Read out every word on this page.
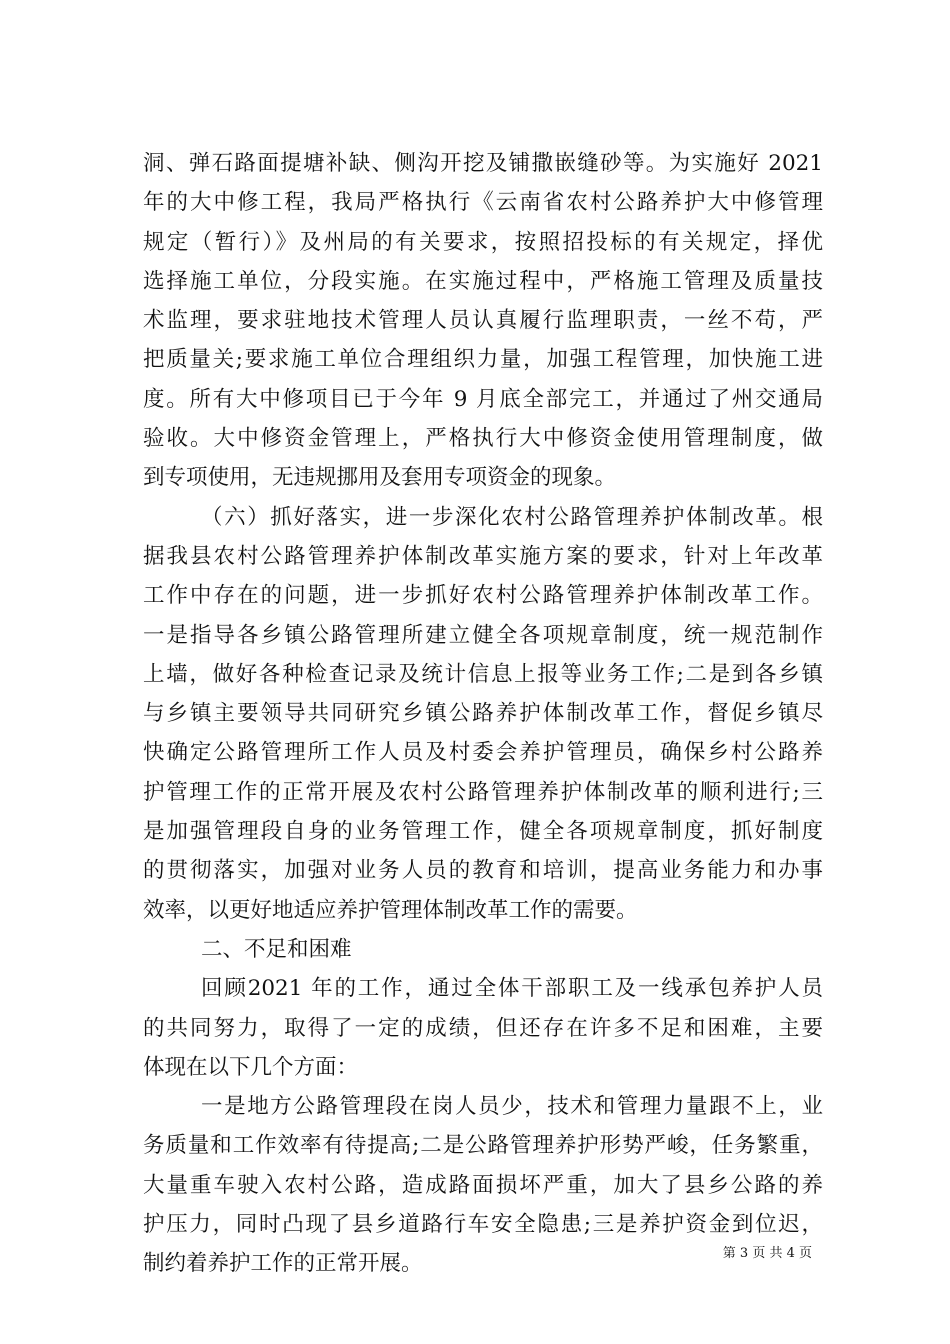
洞、弹石路面提塘补缺、侧沟开挖及铺撒嵌缝砂等。为实施好 2021
年的大中修工程，我局严格执行《云南省农村公路养护大中修管理
规定（暂行）》及州局的有关要求，按照招投标的有关规定，择优
选择施工单位，分段实施。在实施过程中，严格施工管理及质量技
术监理，要求驻地技术管理人员认真履行监理职责，一丝不苟，严
把质量关;要求施工单位合理组织力量，加强工程管理，加快施工进
度。所有大中修项目已于今年 9 月底全部完工，并通过了州交通局
验收。大中修资金管理上，严格执行大中修资金使用管理制度，做
到专项使用，无违规挪用及套用专项资金的现象。
（六）抓好落实，进一步深化农村公路管理养护体制改革。根
据我县农村公路管理养护体制改革实施方案的要求，针对上年改革
工作中存在的问题，进一步抓好农村公路管理养护体制改革工作。
一是指导各乡镇公路管理所建立健全各项规章制度，统一规范制作
上墙，做好各种检查记录及统计信息上报等业务工作;二是到各乡镇
与乡镇主要领导共同研究乡镇公路养护体制改革工作，督促乡镇尽
快确定公路管理所工作人员及村委会养护管理员，确保乡村公路养
护管理工作的正常开展及农村公路管理养护体制改革的顺利进行;三
是加强管理段自身的业务管理工作，健全各项规章制度，抓好制度
的贯彻落实，加强对业务人员的教育和培训，提高业务能力和办事
效率，以更好地适应养护管理体制改革工作的需要。
二、不足和困难
回顾2021 年的工作，通过全体干部职工及一线承包养护人员
的共同努力，取得了一定的成绩，但还存在许多不足和困难，主要
体现在以下几个方面：
一是地方公路管理段在岗人员少，技术和管理力量跟不上，业
务质量和工作效率有待提高;二是公路管理养护形势严峻，任务繁重，
大量重车驶入农村公路，造成路面损坏严重，加大了县乡公路的养
护压力，同时凸现了县乡道路行车安全隐患;三是养护资金到位迟，
制约着养护工作的正常开展。	第 3 页 共 4 页
